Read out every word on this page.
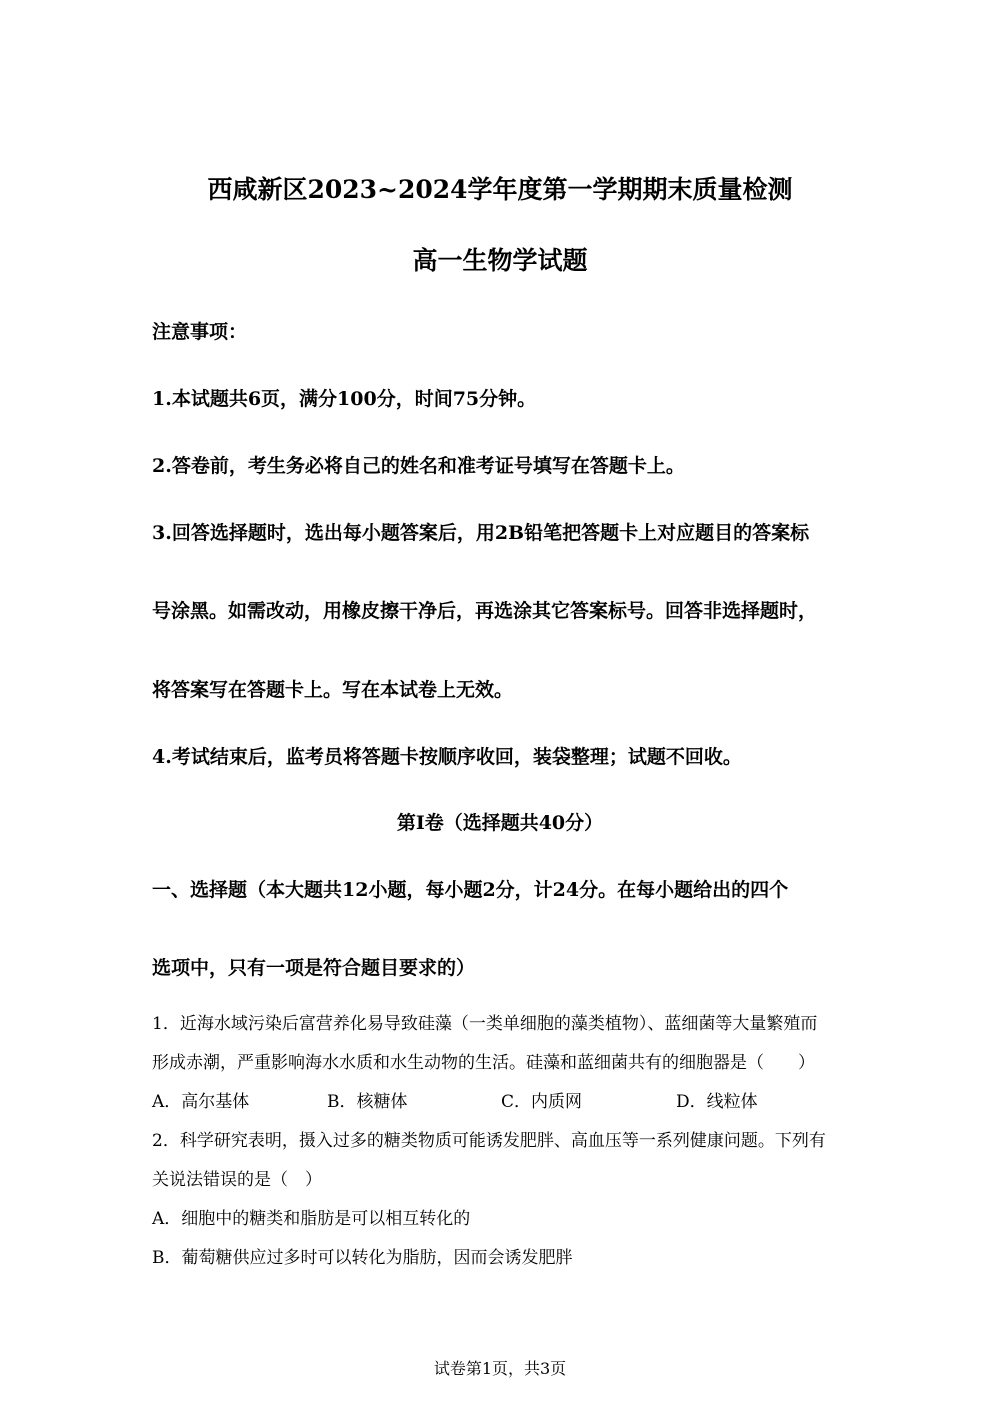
西咸新区2023~2024学年度第一学期期末质量检测
高一生物学试题
注意事项：
1.本试题共6页，满分100分，时间75分钟。
2.答卷前，考生务必将自己的姓名和准考证号填写在答题卡上。
3.回答选择题时，选出每小题答案后，用2B铅笔把答题卡上对应题目的答案标
号涂黑。如需改动，用橡皮擦干净后，再选涂其它答案标号。回答非选择题时，
将答案写在答题卡上。写在本试卷上无效。
4.考试结束后，监考员将答题卡按顺序收回，装袋整理；试题不回收。
第Ⅰ卷（选择题共40分）
一、选择题（本大题共12小题，每小题2分，计24分。在每小题给出的四个
选项中，只有一项是符合题目要求的）
1．近海水域污染后富营养化易导致硅藻（一类单细胞的藻类植物）、蓝细菌等大量繁殖而
形成赤潮，严重影响海水水质和水生动物的生活。硅藻和蓝细菌共有的细胞器是（　　）
A．高尔基体	B．核糖体	C．内质网	D．线粒体
2．科学研究表明，摄入过多的糖类物质可能诱发肥胖、高血压等一系列健康问题。下列有
关说法错误的是（　）
A．细胞中的糖类和脂肪是可以相互转化的
B．葡萄糖供应过多时可以转化为脂肪，因而会诱发肥胖
试卷第1页，共3页
